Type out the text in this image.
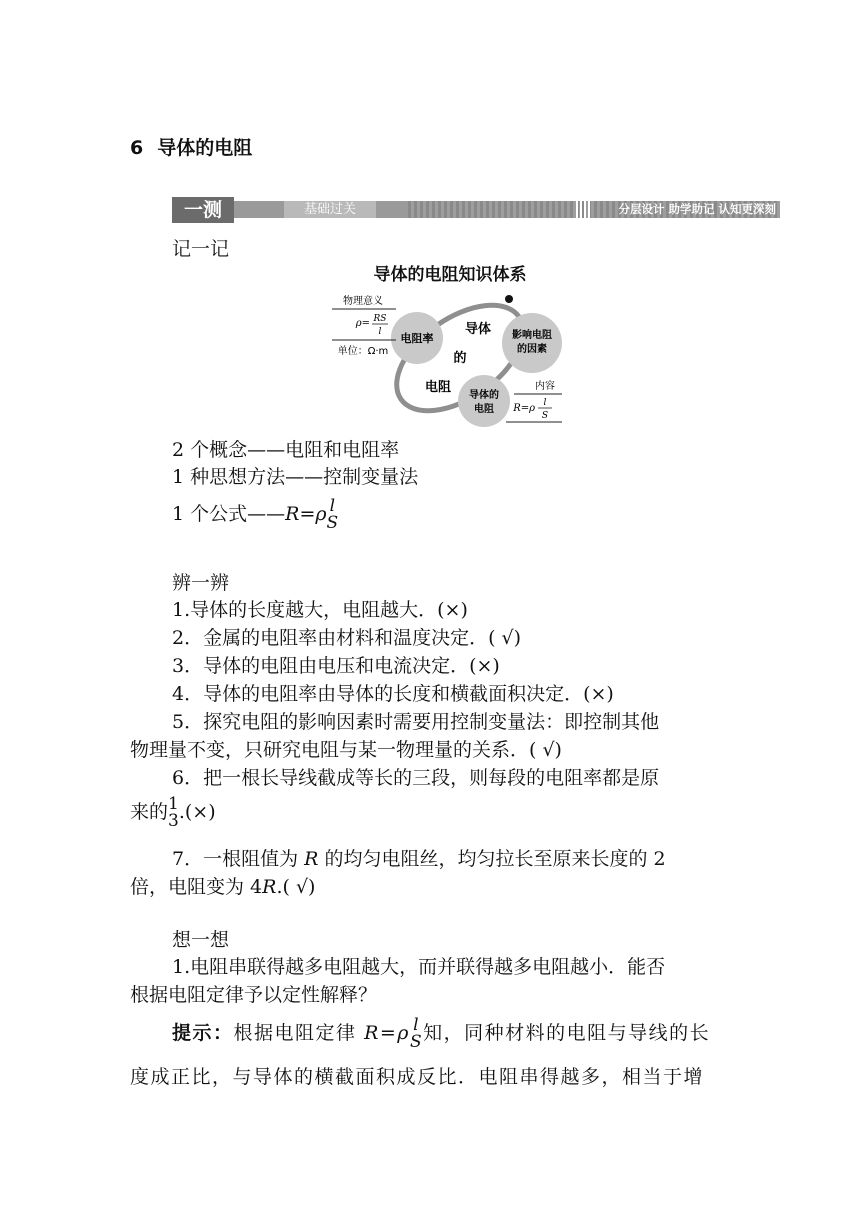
6 导体的电阻
一测	基础过关	分层设计 助学助记 认知更深刻
记一记
导体的电阻知识体系
电阻率	影响电阻
的因素
导体的
电阻
导体
的
电阻
物理意义
ρ= RS
l
单位：Ω·m
内容
R=ρ l
S
2 个概念——电阻和电阻率
1 种思想方法——控制变量法
1 个公式——R=ρ l
S
辨一辨
1.导体的长度越大，电阻越大．(×)
2．金属的电阻率由材料和温度决定．( √)
3．导体的电阻由电压和电流决定．(×)
4．导体的电阻率由导体的长度和横截面积决定．(×)
5．探究电阻的影响因素时需要用控制变量法：即控制其他
物理量不变，只研究电阻与某一物理量的关系．( √)
6．把一根长导线截成等长的三段，则每段的电阻率都是原
来的 1
3 .(×)
7．一根阻值为 R 的均匀电阻丝，均匀拉长至原来长度的 2
倍，电阻变为 4R.( √)
想一想
1.电阻串联得越多电阻越大，而并联得越多电阻越小．能否
根据电阻定律予以定性解释？
提示：根据电阻定律 R=ρ l
S 知，同种材料的电阻与导线的长
度成正比，与导体的横截面积成反比．电阻串得越多，相当于增
